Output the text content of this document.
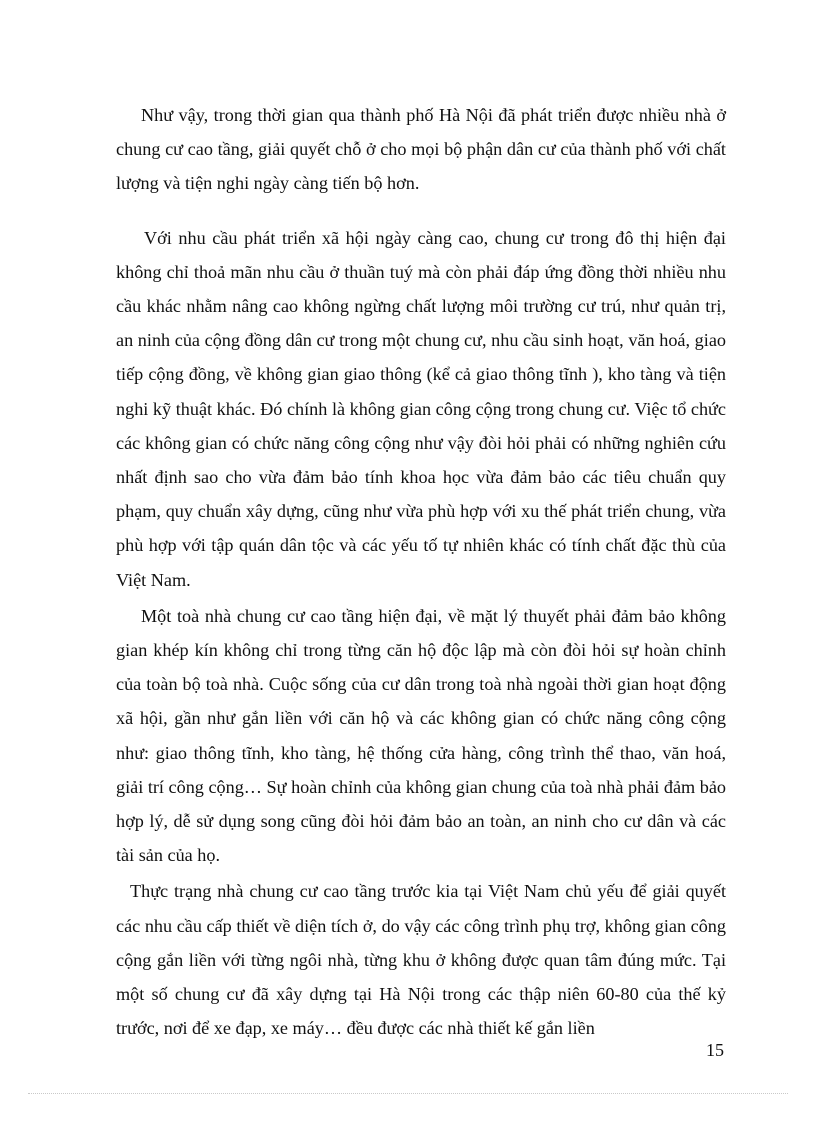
Như vậy, trong thời gian qua thành phố Hà Nội đã phát triển được nhiều nhà ở chung cư cao tầng, giải quyết chỗ ở cho mọi bộ phận dân cư của thành phố với chất lượng và tiện nghi ngày càng tiến bộ hơn.

Với nhu cầu phát triển xã hội ngày càng cao, chung cư trong đô thị hiện đại không chỉ thoả mãn nhu cầu ở thuần tuý mà còn phải đáp ứng đồng thời nhiều nhu cầu khác nhằm nâng cao không ngừng chất lượng môi trường cư trú, như quản trị, an ninh của cộng đồng dân cư trong một chung cư, nhu cầu sinh hoạt, văn hoá, giao tiếp cộng đồng, về không gian giao thông (kể cả giao thông tĩnh ), kho tàng và tiện nghi kỹ thuật khác. Đó chính là không gian công cộng trong chung cư. Việc tổ chức các không gian có chức năng công cộng như vậy đòi hỏi phải có những nghiên cứu nhất định sao cho vừa đảm bảo tính khoa học vừa đảm bảo các tiêu chuẩn quy phạm, quy chuẩn xây dựng, cũng như vừa phù hợp với xu thế phát triển chung, vừa phù hợp với tập quán dân tộc và các yếu tố tự nhiên khác có tính chất đặc thù của Việt Nam.

Một toà nhà chung cư cao tầng hiện đại, về mặt lý thuyết phải đảm bảo không gian khép kín không chỉ trong từng căn hộ độc lập mà còn đòi hỏi sự hoàn chỉnh của toàn bộ toà nhà. Cuộc sống của cư dân trong toà nhà ngoài thời gian hoạt động xã hội, gần như gắn liền với căn hộ và các không gian có chức năng công cộng như: giao thông tĩnh, kho tàng, hệ thống cửa hàng, công trình thể thao, văn hoá, giải trí công cộng… Sự hoàn chỉnh của không gian chung của toà nhà phải đảm bảo hợp lý, dễ sử dụng song cũng đòi hỏi đảm bảo an toàn, an ninh cho cư dân và các tài sản của họ.

Thực trạng nhà chung cư cao tầng trước kia tại Việt Nam chủ yếu để giải quyết các nhu cầu cấp thiết về diện tích ở, do vậy các công trình phụ trợ, không gian công cộng gắn liền với từng ngôi nhà, từng khu ở không được quan tâm đúng mức. Tại một số chung cư đã xây dựng tại Hà Nội trong các thập niên 60-80 của thế kỷ trước, nơi để xe đạp, xe máy… đều được các nhà thiết kế gắn liền

15
